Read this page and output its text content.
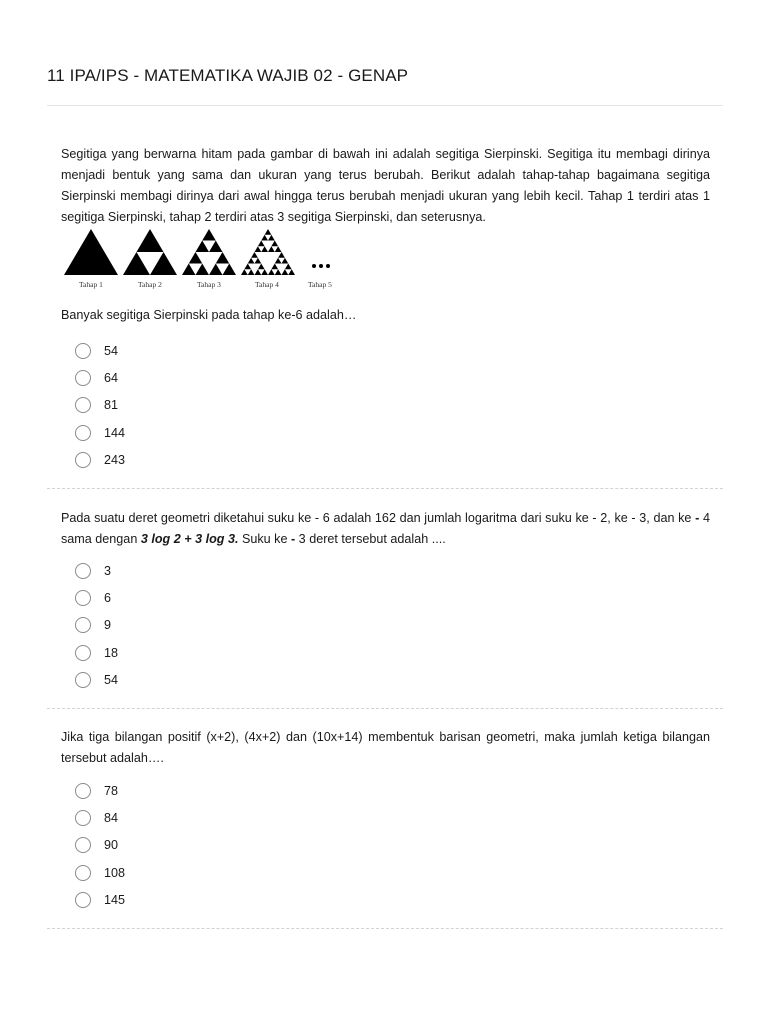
11 IPA/IPS - MATEMATIKA WAJIB 02 - GENAP
Segitiga yang berwarna hitam pada gambar di bawah ini adalah segitiga Sierpinski. Segitiga itu membagi dirinya menjadi bentuk yang sama dan ukuran yang terus berubah. Berikut adalah tahap-tahap bagaimana segitiga Sierpinski membagi dirinya dari awal hingga terus berubah menjadi ukuran yang lebih kecil. Tahap 1 terdiri atas 1 segitiga Sierpinski, tahap 2 terdiri atas 3 segitiga Sierpinski, dan seterusnya.
Tahap 1	Tahap 2	Tahap 3	Tahap 4	Tahap 5
Banyak segitiga Sierpinski pada tahap ke-6 adalah…
54
64
81
144
243
Pada suatu deret geometri diketahui suku ke - 6 adalah 162 dan jumlah logaritma dari suku ke - 2, ke - 3, dan ke - 4 sama dengan 3 log 2 + 3 log 3. Suku ke - 3 deret tersebut adalah ....
3
6
9
18
54
Jika tiga bilangan positif (x+2), (4x+2) dan (10x+14) membentuk barisan geometri, maka jumlah ketiga bilangan tersebut adalah….
78
84
90
108
145
